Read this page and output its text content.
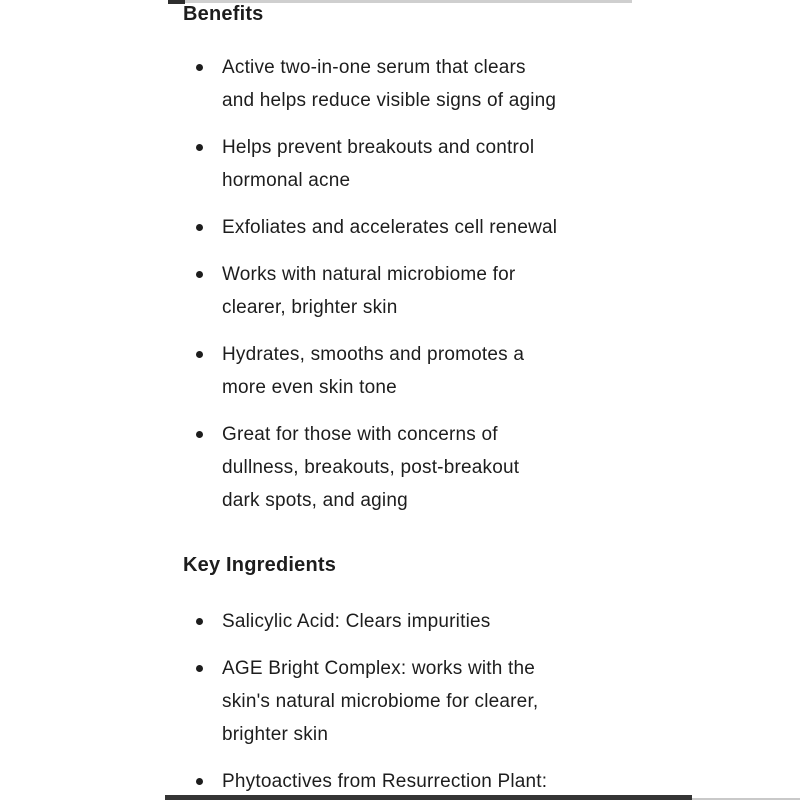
Benefits
Active two-in-one serum that clears
and helps reduce visible signs of aging
Helps prevent breakouts and control
hormonal acne
Exfoliates and accelerates cell renewal
Works with natural microbiome for
clearer, brighter skin
Hydrates, smooths and promotes a
more even skin tone
Great for those with concerns of
dullness, breakouts, post-breakout
dark spots, and aging
Key Ingredients
Salicylic Acid: Clears impurities
AGE Bright Complex: works with the
skin's natural microbiome for clearer,
brighter skin
Phytoactives from Resurrection Plant:
